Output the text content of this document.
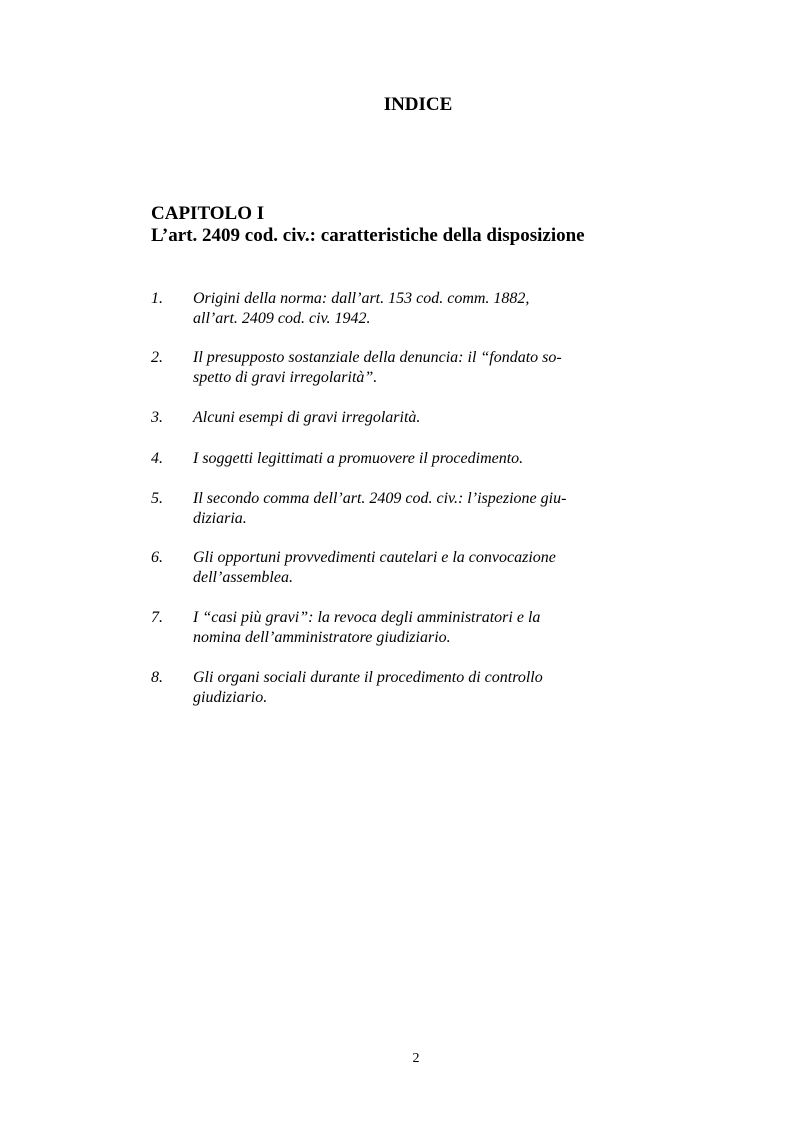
INDICE
CAPITOLO I
L’art. 2409 cod. civ.: caratteristiche della disposizione
1.	Origini della norma: dall’art. 153 cod. comm. 1882,
all’art. 2409 cod. civ. 1942.
2.	Il presupposto sostanziale della denuncia: il “fondato so-
spetto di gravi irregolarità”.
3.	Alcuni esempi di gravi irregolarità.
4.	I soggetti legittimati a promuovere il procedimento.
5.	Il secondo comma dell’art. 2409 cod. civ.: l’ispezione giu-
diziaria.
6.	Gli opportuni provvedimenti cautelari e la convocazione
dell’assemblea.
7.	I “casi più gravi”: la revoca degli amministratori e la
nomina dell’amministratore giudiziario.
8.	Gli organi sociali durante il procedimento di controllo
giudiziario.
2
